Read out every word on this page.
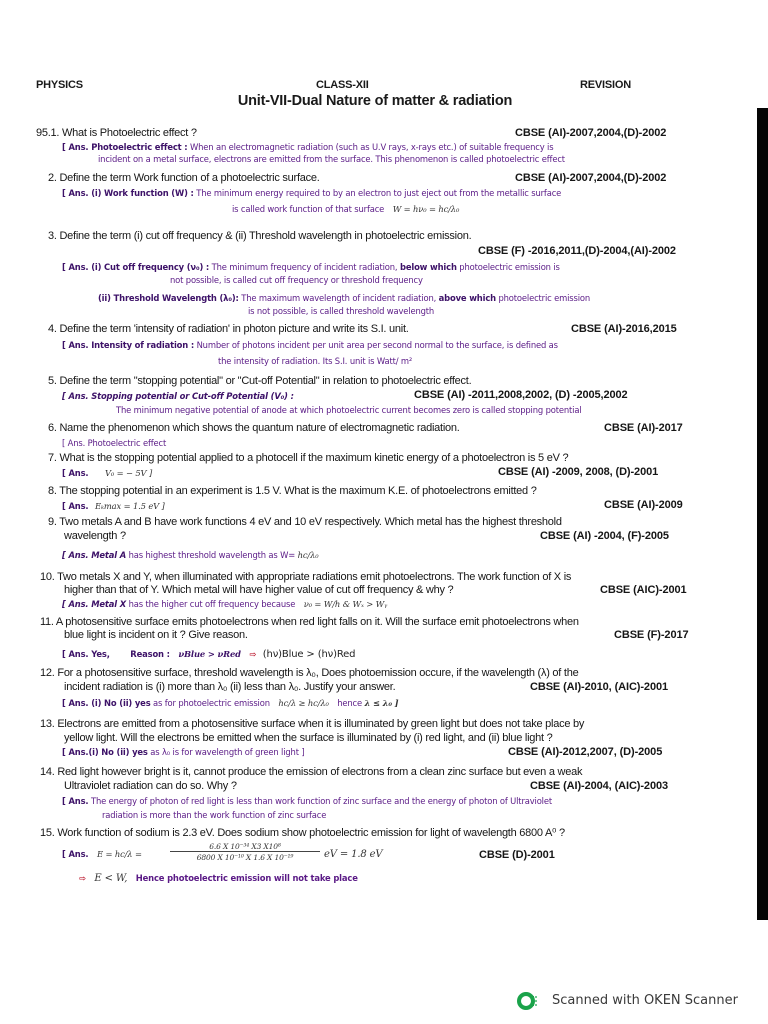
PHYSICS	CLASS-XII	REVISION
Unit-VII-Dual Nature of matter & radiation
95.1. What is Photoelectric effect ?	CBSE (AI)-2007,2004,(D)-2002
[ Ans. Photoelectric effect : When an electromagnetic radiation (such as U.V rays, x-rays etc.) of suitable frequency is
incident on a metal surface, electrons are emitted from the surface. This phenomenon is called photoelectric effect
2. Define the term Work function of a photoelectric surface.	CBSE (AI)-2007,2004,(D)-2002
[ Ans. (i) Work function (W) : The minimum energy required to by an electron to just eject out from the metallic surface
is called work function of that surface W = hν₀ = hc/λ₀
3. Define the term (i) cut off frequency & (ii) Threshold wavelength in photoelectric emission.
CBSE (F) -2016,2011,(D)-2004,(AI)-2002
[ Ans. (i) Cut off frequency (ν₀) : The minimum frequency of incident radiation, below which photoelectric emission is
not possible, is called cut off frequency or threshold frequency
(ii) Threshold Wavelength (λ₀): The maximum wavelength of incident radiation, above which photoelectric emission
is not possible, is called threshold wavelength
4. Define the term 'intensity of radiation' in photon picture and write its S.I. unit.	CBSE (AI)-2016,2015
[ Ans. Intensity of radiation : Number of photons incident per unit area per second normal to the surface, is defined as
the intensity of radiation. Its S.I. unit is Watt/ m²
5. Define the term "stopping potential" or "Cut-off Potential" in relation to photoelectric effect.
[ Ans. Stopping potential or Cut-off Potential (V₀) :	CBSE (AI) -2011,2008,2002, (D) -2005,2002
The minimum negative potential of anode at which photoelectric current becomes zero is called stopping potential
6. Name the phenomenon which shows the quantum nature of electromagnetic radiation.	CBSE (AI)-2017
[ Ans. Photoelectric effect
7. What is the stopping potential applied to a photocell if the maximum kinetic energy of a photoelectron is 5 eV ?
[ Ans. V₀ = − 5V ]	CBSE (AI) -2009, 2008, (D)-2001
8. The stopping potential in an experiment is 1.5 V. What is the maximum K.E. of photoelectrons emitted ?
[ Ans. Eₖmax = 1.5 eV ]	CBSE (AI)-2009
9. Two metals A and B have work functions 4 eV and 10 eV respectively. Which metal has the highest threshold
wavelength ?	CBSE (AI) -2004, (F)-2005
[ Ans. Metal A has highest threshold wavelength as W= hc/λ₀
10. Two metals X and Y, when illuminated with appropriate radiations emit photoelectrons. The work function of X is
higher than that of Y. Which metal will have higher value of cut off frequency & why ?	CBSE (AIC)-2001
[ Ans. Metal X has the higher cut off frequency because ν₀ = W/h & Wₓ > Wᵧ
11. A photosensitive surface emits photoelectrons when red light falls on it. Will the surface emit photoelectrons when
blue light is incident on it ? Give reason.	CBSE (F)-2017
[ Ans. Yes, Reason : νBlue > νRed ⇨ (hν)Blue > (hν)Red
12. For a photosensitive surface, threshold wavelength is λ₀, Does photoemission occure, if the wavelength (λ) of the
incident radiation is (i) more than λ₀ (ii) less than λ₀. Justify your answer.	CBSE (AI)-2010, (AIC)-2001
[ Ans. (i) No (ii) yes as for photoelectric emission hc/λ ≥ hc/λ₀ hence λ ≤ λ₀ ]
13. Electrons are emitted from a photosensitive surface when it is illuminated by green light but does not take place by
yellow light. Will the electrons be emitted when the surface is illuminated by (i) red light, and (ii) blue light ?
[ Ans.(i) No (ii) yes as λ₀ is for wavelength of green light ]	CBSE (AI)-2012,2007, (D)-2005
14. Red light however bright is it, cannot produce the emission of electrons from a clean zinc surface but even a weak
Ultraviolet radiation can do so. Why ?	CBSE (AI)-2004, (AIC)-2003
[ Ans. The energy of photon of red light is less than work function of zinc surface and the energy of photon of Ultraviolet
radiation is more than the work function of zinc surface
15. Work function of sodium is 2.3 eV. Does sodium show photoelectric emission for light of wavelength 6800 A⁰ ?
[ Ans. E = hc/λ =
6.6 X 10⁻³⁴ X3 X10⁸
6800 X 10⁻¹⁰ X 1.6 X 10⁻¹⁹	eV = 1.8 eV	CBSE (D)-2001
⇨ E < W, Hence photoelectric emission will not take place
Scanned with OKEN Scanner
